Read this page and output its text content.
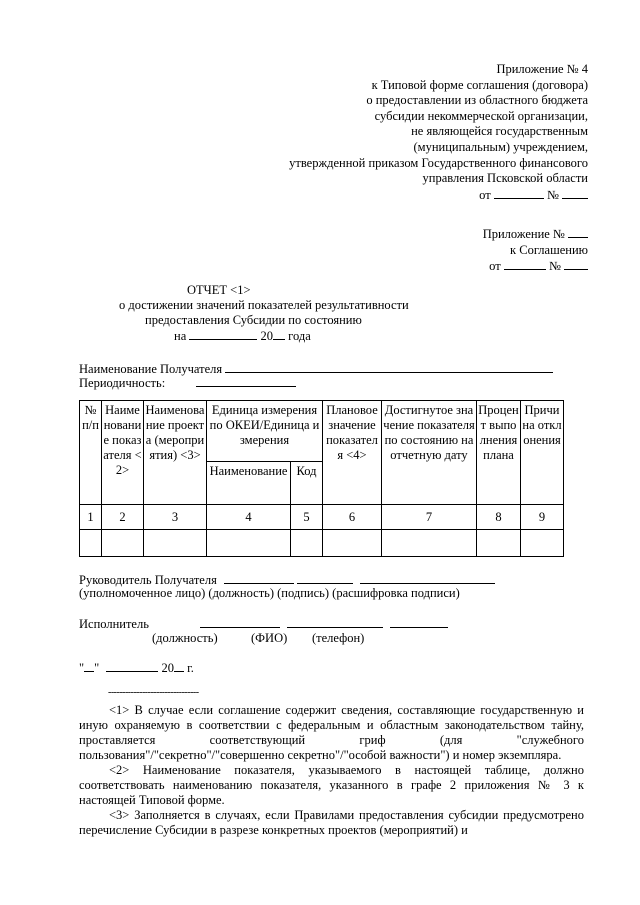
Приложение № 4
к Типовой форме соглашения (договора)
о предоставлении из областного бюджета
субсидии некоммерческой организации,
не являющейся государственным
(муниципальным) учреждением,
утвержденной приказом Государственного финансового
управления Псковской области
от	№
Приложение №
к Соглашению
от	№
ОТЧЕТ <1>
о достижении значений показателей результативности
предоставления Субсидии по состоянию
на	20 года
Наименование Получателя
Периодичность:
№ п/п	Наименование показателя <2>	Наименование проекта (мероприятия) <3>	Единица измерения по ОКЕИ/Единица измерения		Плановое значение показателя <4>	Достигнутое значение показателя по состоянию на отчетную дату	Процент выполнения плана	Причина отклонения
			Наименование	Код				
1	2	3	4	5	6	7	8	9

Руководитель Получателя
(уполномоченное лицо) (должность) (подпись) (расшифровка подписи)
Исполнитель
(должность)	(ФИО) (телефон)
" "	20 г.
--------------------------------

<1> В случае если соглашение содержит сведения, составляющие государственную и иную охраняемую в соответствии с федеральным и областным законодательством тайну, проставляется соответствующий гриф (для "служебного пользования"/"секретно"/"совершенно секретно"/"особой важности") и номер экземпляра.

<2> Наименование показателя, указываемого в настоящей таблице, должно соответствовать наименованию показателя, указанного в графе 2 приложения № 3 к настоящей Типовой форме.

<3> Заполняется в случаях, если Правилами предоставления субсидии предусмотрено перечисление Субсидии в разрезе конкретных проектов (мероприятий) и
